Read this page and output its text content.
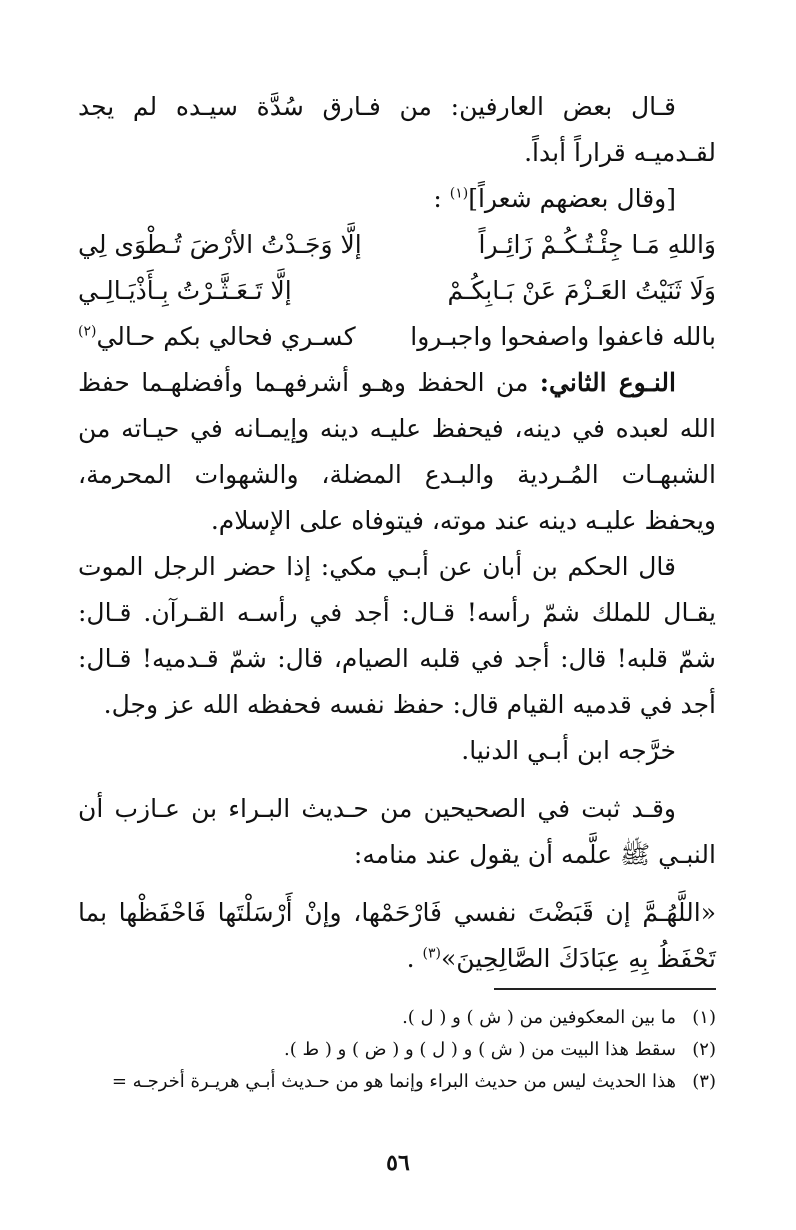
قـال بعض العارفين: من فـارق سُدَّة سيـده لم يجد لقـدميـه قراراً أبداً.

[وقال بعضهم شعراً]$^{(١)}$ :

وَاللهِ مَـا جِئْـتُـكُـمْ زَائِـراً
إلَّا وَجَـدْتُ الأرْضَ تُـطْوَى لِي
وَلَا ثَنَيْتُ العَـزْمَ عَنْ بَـابِكُـمْ
إلَّا تَـعَـثَّـرْتُ بِـأَذْيَـالِـي
بالله فاعفوا واصفحوا واجبـروا
كسـري فحالي بكم حـالي$^{(٢)}$

النـوع الثاني: من الحفظ وهـو أشرفهـما وأفضلهـما حفظ الله لعبده في دينه، فيحفظ عليـه دينه وإيمـانه في حيـاته من الشبهـات المُـردية والبـدع المضلة، والشهوات المحرمة، ويحفظ عليـه دينه عند موته، فيتوفاه على الإسلام.

قال الحكم بن أبان عن أبـي مكي: إذا حضر الرجل الموت يقـال للملك شمّ رأسه! قـال: أجد في رأسـه القـرآن. قـال: شمّ قلبه! قال: أجد في قلبه الصيام، قال: شمّ قـدميه! قـال: أجد في قدميه القيام قال: حفظ نفسه فحفظه الله عز وجل.

خرَّجه ابن أبـي الدنيا.

وقـد ثبت في الصحيحين من حـديث البـراء بن عـازب أن النبـي ﷺ علَّمه أن يقول عند منامه:

«اللَّهُـمَّ إن قَبَضْتَ نفسي فَارْحَمْها، وإنْ أَرْسَلْتَها فَاحْفَظْها بما تَحْفَظُ بِهِ عِبَادَكَ الصَّالِحِينَ»$^{(٣)}$ .

(١)
ما بين المعكوفين من ( ش ) و ( ل ).
(٢)
سقط هذا البيت من ( ش ) و ( ل ) و ( ض ) و ( ط ).
(٣)
هذا الحديث ليس من حديث البراء وإنما هو من حـديث أبـي هريـرة أخرجـه =
٥٦
